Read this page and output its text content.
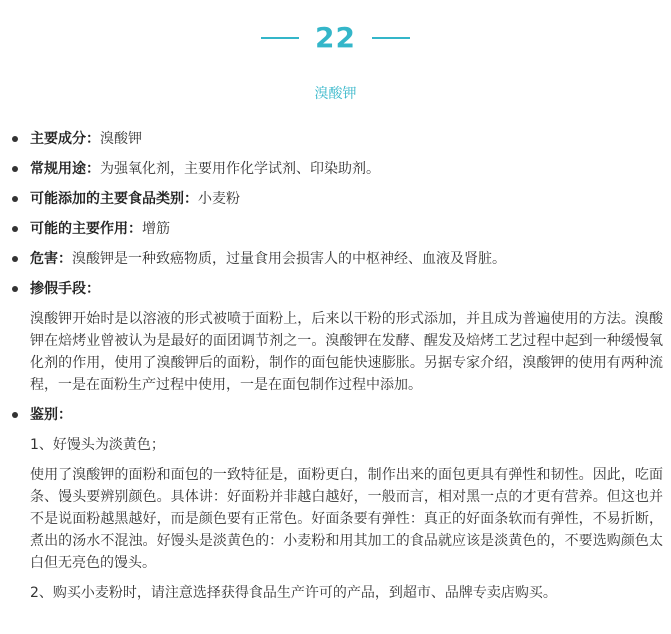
22
溴酸钾
主要成分：溴酸钾
常规用途：为强氧化剂，主要用作化学试剂、印染助剂。
可能添加的主要食品类别：小麦粉
可能的主要作用：增筋
危害：溴酸钾是一种致癌物质，过量食用会损害人的中枢神经、血液及肾脏。
掺假手段：
溴酸钾开始时是以溶液的形式被喷于面粉上，后来以干粉的形式添加，并且成为普遍使用的方法。溴酸钾在焙烤业曾被认为是最好的面团调节剂之一。溴酸钾在发酵、醒发及焙烤工艺过程中起到一种缓慢氧化剂的作用，使用了溴酸钾后的面粉，制作的面包能快速膨胀。另据专家介绍，溴酸钾的使用有两种流程，一是在面粉生产过程中使用，一是在面包制作过程中添加。
鉴别：
1、好馒头为淡黄色；
使用了溴酸钾的面粉和面包的一致特征是，面粉更白，制作出来的面包更具有弹性和韧性。因此，吃面条、馒头要辨别颜色。具体讲：好面粉并非越白越好，一般而言，相对黑一点的才更有营养。但这也并不是说面粉越黑越好，而是颜色要有正常色。好面条要有弹性：真正的好面条软而有弹性，不易折断，煮出的汤水不混浊。好馒头是淡黄色的：小麦粉和用其加工的食品就应该是淡黄色的，不要选购颜色太白但无亮色的馒头。
2、购买小麦粉时，请注意选择获得食品生产许可的产品，到超市、品牌专卖店购买。
